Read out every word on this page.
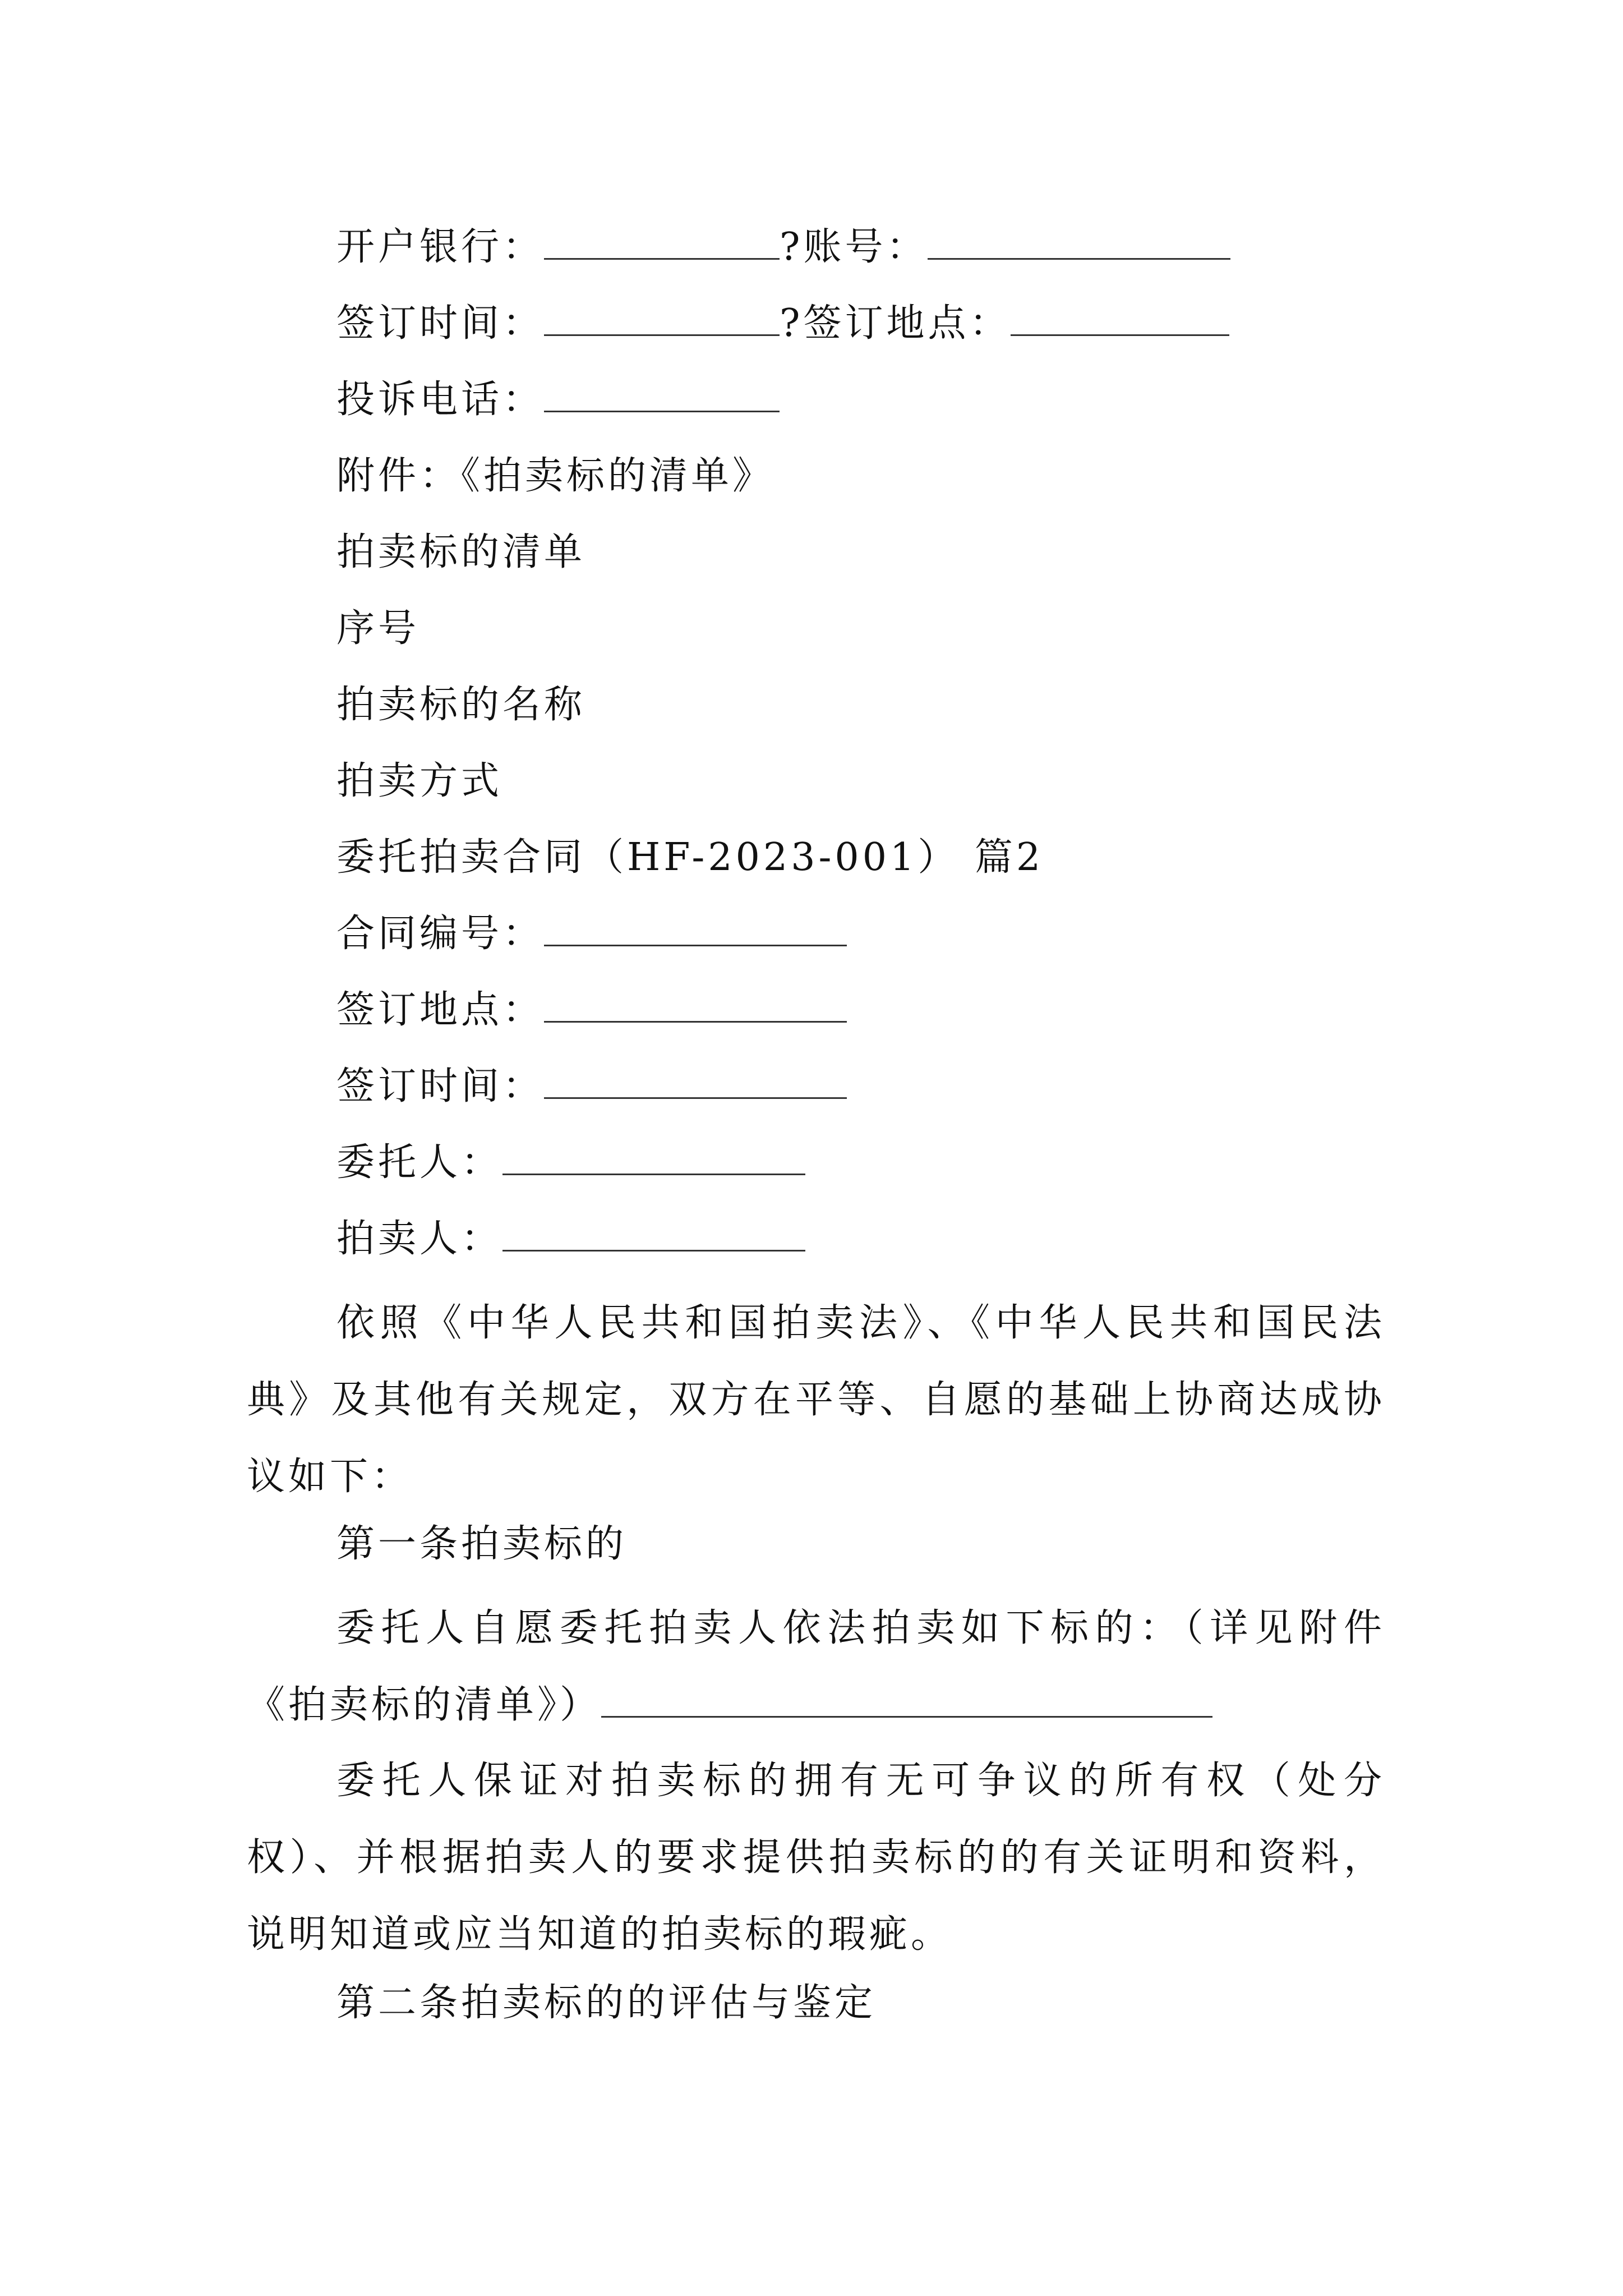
开户银行：	?账号：
签订时间：	?签订地点：
投诉电话：
附件：《拍卖标的清单》
拍卖标的清单
序号
拍卖标的名称
拍卖方式
委托拍卖合同（HF-2023-001） 篇2
合同编号：
签订地点：
签订时间：
委托人：
拍卖人：
依照《中华人民共和国拍卖法》、《中华人民共和国民法典》及其他有关规定，双方在平等、自愿的基础上协商达成协议如下：
第一条拍卖标的
委托人自愿委托拍卖人依法拍卖如下标的：（详见附件《拍卖标的清单》）
委托人保证对拍卖标的拥有无可争议的所有权（处分权）、并根据拍卖人的要求提供拍卖标的的有关证明和资料，说明知道或应当知道的拍卖标的瑕疵。
第二条拍卖标的的评估与鉴定
